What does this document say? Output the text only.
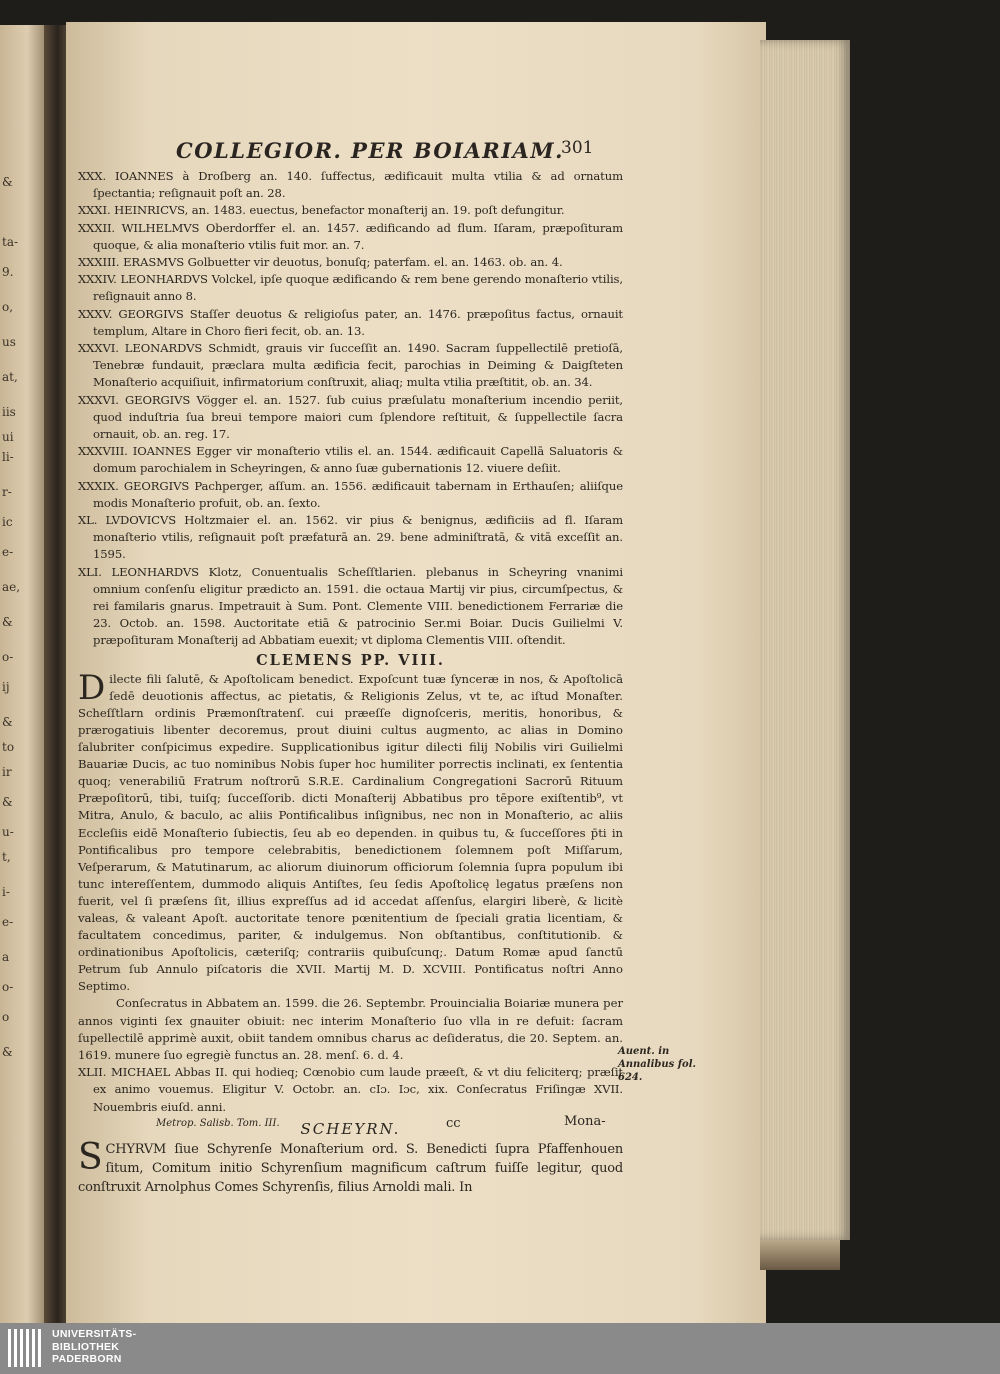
&
ta-
9.
o,
us
at,
iis
ui
li-
r-
ic
e-
ae,
&
o-
ij
&
to
ir
&
u-
t,
i-
e-
a
o-
o
&
COLLEGIOR. PER BOIARIAM.
301
XXX. IOANNES à Droſberg an. 140. ſuffectus, ædificauit multa vtilia & ad ornatum ſpectantia; reſignauit poſt an. 28.
XXXI. HEINRICVS, an. 1483. euectus, benefactor monaſterij an. 19. poſt defungitur.
XXXII. WILHELMVS Oberdorffer el. an. 1457. ædificando ad flum. Iſaram, præpoſituram quoque, & alia monaſterio vtilis fuit mor. an. 7.
XXXIII. ERASMVS Golbuetter vir deuotus, bonuſq; paterfam. el. an. 1463. ob. an. 4.
XXXIV. LEONHARDVS Volckel, ipſe quoque ædificando & rem bene gerendo monaſterio vtilis, reſignauit anno 8.
XXXV. GEORGIVS Staſſer deuotus & religioſus pater, an. 1476. præpoſitus factus, ornauit templum, Altare in Choro fieri fecit, ob. an. 13.
XXXVI. LEONARDVS Schmidt, grauis vir ſucceſſit an. 1490. Sacram ſuppellectilē pretioſā, Tenebræ fundauit, præclara multa ædificia fecit, parochias in Deiming & Daigſteten Monaſterio acquiſiuit, infirmatorium conſtruxit, aliaq; multa vtilia præſtitit, ob. an. 34.
XXXVI. GEORGIVS Vögger el. an. 1527. ſub cuius præſulatu monaſterium incendio periit, quod induſtria ſua breui tempore maiori cum ſplendore reſtituit, & ſuppellectile ſacra ornauit, ob. an. reg. 17.
XXXVIII. IOANNES Egger vir monaſterio vtilis el. an. 1544. ædificauit Capellā Saluatoris & domum parochialem in Scheyringen, & anno ſuæ gubernationis 12. viuere deſiit.
XXXIX. GEORGIVS Pachperger, aſſum. an. 1556. ædificauit tabernam in Erthauſen; aliiſque modis Monaſterio profuit, ob. an. ſexto.
XL. LVDOVICVS Holtzmaier el. an. 1562. vir pius & benignus, ædificiis ad fl. Iſaram monaſterio vtilis, reſignauit poſt præfaturā an. 29. bene adminiſtratā, & vitā exceſſit an. 1595.
XLI. LEONHARDVS Klotz, Conuentualis Scheſſtlarien. plebanus in Scheyring vnanimi omnium conſenſu eligitur prædicto an. 1591. die octaua Martij vir pius, circumſpectus, & rei familaris gnarus. Impetrauit à Sum. Pont. Clemente VIII. benedictionem Ferrariæ die 23. Octob. an. 1598. Auctoritate etiā & patrocinio Ser.mi Boiar. Ducis Guilielmi V. præpoſituram Monaſterij ad Abbatiam euexit; vt diploma Clementis VIII. oſtendit.
CLEMENS PP. VIII.
D ilecte fili ſalutē, & Apoſtolicam benedict. Expoſcunt tuæ ſynceræ in nos, & Apoſtolicā ſedē deuotionis affectus, ac pietatis, & Religionis Zelus, vt te, ac iſtud Monaſter. Scheſſtlarn ordinis Præmonſtratenſ. cui præeſſe dignoſceris, meritis, honoribus, & prærogatiuis libenter decoremus, prout diuini cultus augmento, ac alias in Domino ſalubriter conſpicimus expedire. Supplicationibus igitur dilecti filij Nobilis viri Guilielmi Bauariæ Ducis, ac tuo nominibus Nobis ſuper hoc humiliter porrectis inclinati, ex ſententia quoq; venerabiliū Fratrum noſtrorū S.R.E. Cardinalium Congregationi Sacrorū Rituum Præpoſitorū, tibi, tuiſq; ſucceſſorib. dicti Monaſterij Abbatibus pro tēpore exiſtentib⁹, vt Mitra, Anulo, & baculo, ac aliis Pontificalibus inſignibus, nec non in Monaſterio, ac aliis Eccleſiis eidē Monaſterio ſubiectis, ſeu ab eo dependen. in quibus tu, & ſucceſſores p̄ti in Pontificalibus pro tempore celebrabitis, benedictionem ſolemnem poſt Miſſarum, Veſperarum, & Matutinarum, ac aliorum diuinorum officiorum ſolemnia ſupra populum ibi tunc intereſſentem, dummodo aliquis Antiſtes, ſeu ſedis Apoſtolicę legatus præſens non fuerit, vel ſi præſens ſit, illius expreſſus ad id accedat aſſenſus, elargiri liberè, & licitè valeas, & valeant Apoſt. auctoritate tenore pœnitentium de ſpeciali gratia licentiam, & facultatem concedimus, pariter, & indulgemus. Non obſtantibus, conſtitutionib. & ordinationibus Apoſtolicis, cæteriſq; contrariis quibuſcunq;. Datum Romæ apud ſanctū Petrum ſub Annulo piſcatoris die XVII. Martij M. D. XCVIII. Pontificatus noſtri Anno Septimo.
Conſecratus in Abbatem an. 1599. die 26. Septembr. Prouincialia Boiariæ munera per annos viginti ſex gnauiter obiuit: nec interim Monaſterio ſuo vlla in re defuit: ſacram ſupellectilē apprimè auxit, obiit tandem omnibus charus ac deſideratus, die 20. Septem. an. 1619. munere ſuo egregiè functus an. 28. menſ. 6. d. 4.
XLII. MICHAEL Abbas II. qui hodieq; Cœnobio cum laude præeſt, & vt diu feliciterq; præſit ex animo vouemus. Eligitur V. Octobr. an. cIɔ. Iɔc, xix. Conſecratus Friſingæ XVII. Nouembris eiuſd. anni.
SCHEYRN.
S CHYRVM ſiue Schyrenſe Monaſterium ord. S. Benedicti ſupra Pfaffenhouen ſitum, Comitum initio Schyrenſium magnificum caſtrum fuiſſe legitur, quod conſtruxit Arnolphus Comes Schyrenſis, filius Arnoldi mali. In
Auent. in Annalibus fol. 624.
Metrop. Salisb. Tom. III.	cc	Mona-
UNIVERSITÄTS-
BIBLIOTHEK
PADERBORN
